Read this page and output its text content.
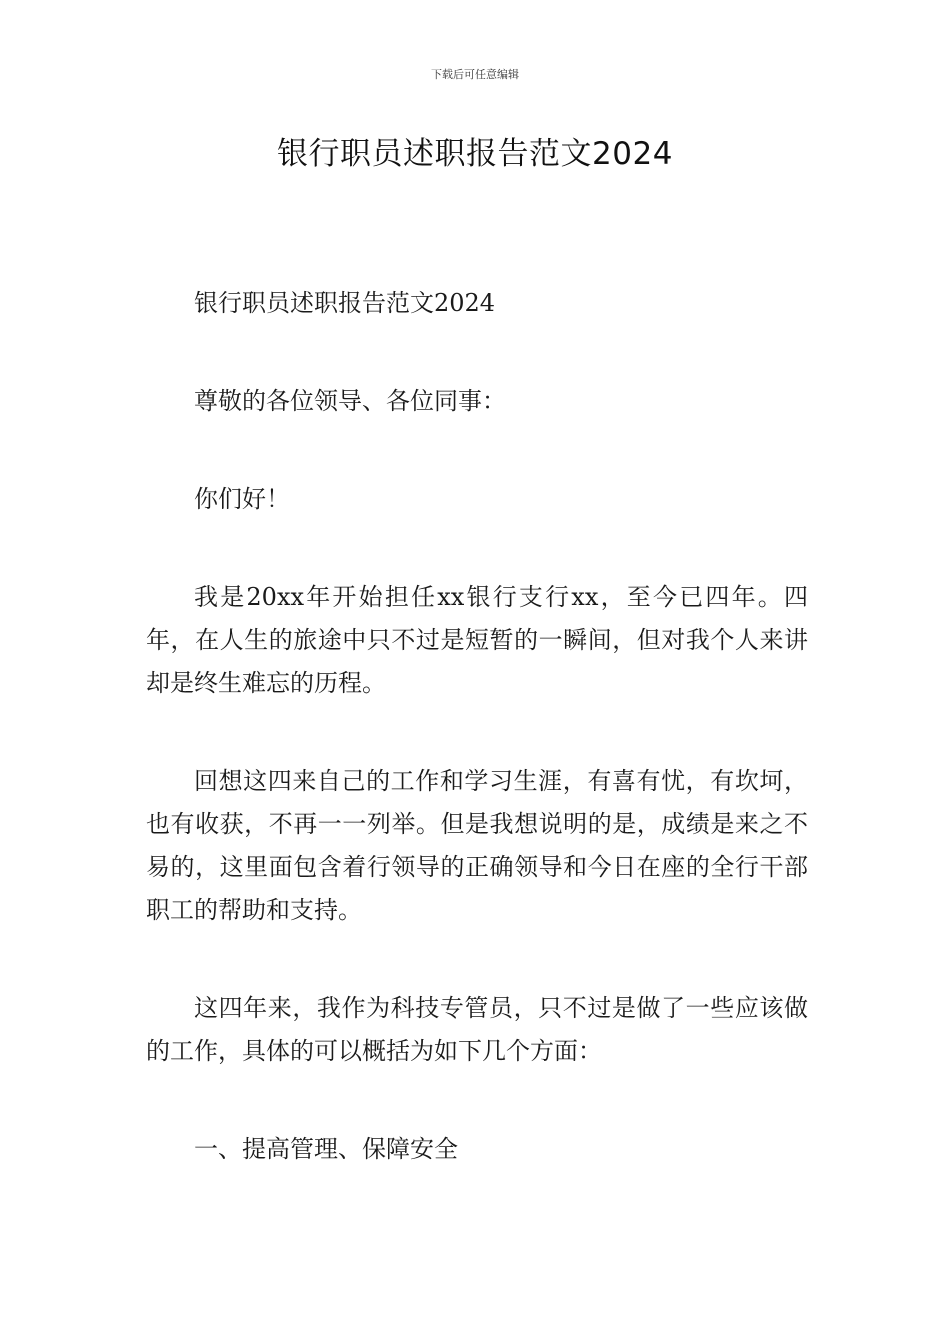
下载后可任意编辑
银行职员述职报告范文2024

银行职员述职报告范文2024

尊敬的各位领导、各位同事：

你们好！

我是20xx年开始担任xx银行支行xx，至今已四年。四年，在人生的旅途中只不过是短暂的一瞬间，但对我个人来讲却是终生难忘的历程。

回想这四来自己的工作和学习生涯，有喜有忧，有坎坷，也有收获，不再一一列举。但是我想说明的是，成绩是来之不易的，这里面包含着行领导的正确领导和今日在座的全行干部职工的帮助和支持。

这四年来，我作为科技专管员，只不过是做了一些应该做的工作，具体的可以概括为如下几个方面：

一、提高管理、保障安全
